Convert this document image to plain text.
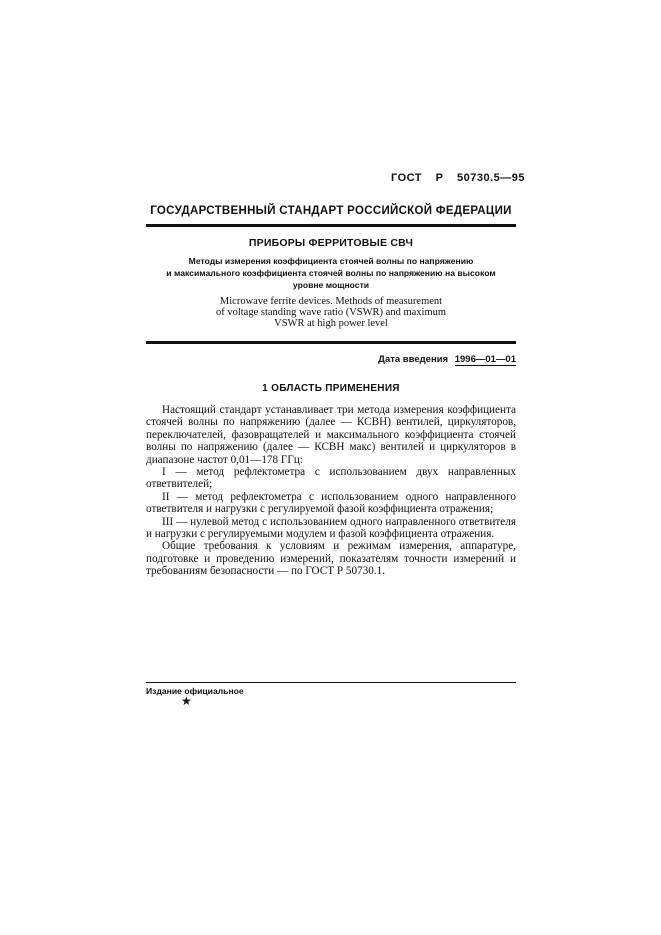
ГОСТ Р 50730.5—95
ГОСУДАРСТВЕННЫЙ СТАНДАРТ РОССИЙСКОЙ ФЕДЕРАЦИИ
ПРИБОРЫ ФЕРРИТОВЫЕ СВЧ
Методы измерения коэффициента стоячей волны по напряжению
и максимального коэффициента стоячей волны по напряжению на высоком
уровне мощности
Microwave ferrite devices. Methods of measurement
of voltage standing wave ratio (VSWR) and maximum
VSWR at high power level
Дата введения 1996—01—01
1 ОБЛАСТЬ ПРИМЕНЕНИЯ

Настоящий стандарт устанавливает три метода измерения коэффициента стоячей волны по напряжению (далее — КСВН) вентилей, циркуляторов, переключателей, фазовращателей и максимального коэффициента стоячей волны по напряжению (далее — КСВН макс) вентилей и циркуляторов в диапазоне частот 0,01—178 ГГц:

I — метод рефлектометра с использованием двух направленных ответвителей;

II — метод рефлектометра с использованием одного направленного ответвителя и нагрузки с регулируемой фазой коэффициента отражения;

III — нулевой метод с использованием одного направленного ответвителя и нагрузки с регулируемыми модулем и фазой коэффициента отражения.

Общие требования к условиям и режимам измерения, аппаратуре, подготовке и проведению измерений, показателям точности измерений и требованиям безопасности — по ГОСТ Р 50730.1.

Издание официальное
★
